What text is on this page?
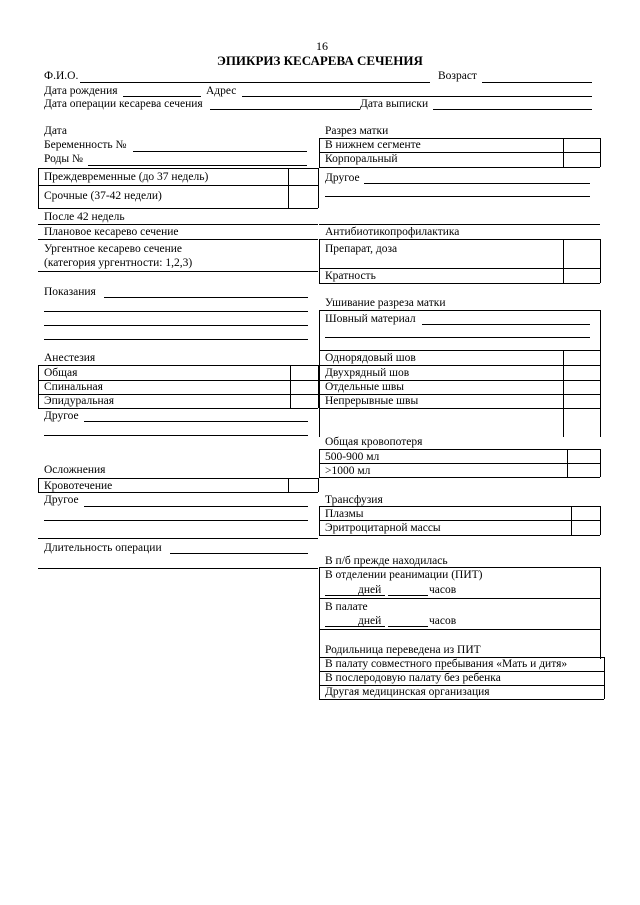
16
ЭПИКРИЗ КЕСАРЕВА СЕЧЕНИЯ
Ф.И.О.	Возраст
Дата рождения	Адрес
Дата операции кесарева сечения	Дата выписки
Дата
Беременность №
Роды №
Преждевременные (до 37 недель)
Срочные (37-42 недели)
После 42 недель
Плановое кесарево сечение
Ургентное кесарево сечение
(категория ургентности: 1,2,3)
Показания
Анестезия
Общая
Спинальная
Эпидуральная
Другое
Осложнения
Кровотечение
Другое
Длительность операции
Разрез матки
В нижнем сегменте
Корпоральный
Другое
Антибиотикопрофилактика
Препарат, доза
Кратность
Ушивание разреза матки
Шовный материал
Однорядовый шов
Двухрядный шов
Отдельные швы
Непрерывные швы
Общая кровопотеря
500-900 мл
>1000 мл
Трансфузия
Плазмы
Эритроцитарной массы
В п/б прежде находилась
В отделении реанимации (ПИТ)
дней	часов
В палате
дней	часов
Родильница переведена из ПИТ
В палату совместного пребывания «Мать и дитя»
В послеродовую палату без ребенка
Другая медицинская организация
